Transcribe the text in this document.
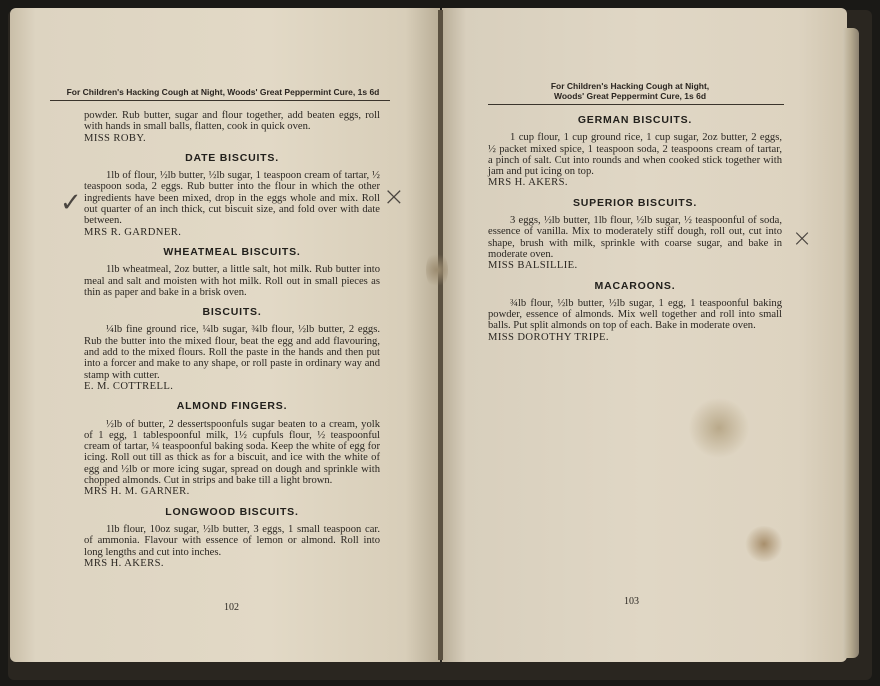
For Children's Hacking Cough at Night, Woods' Great Peppermint Cure, 1s 6d

powder. Rub butter, sugar and flour together, add beaten eggs, roll with hands in small balls, flatten, cook in quick oven.

MISS ROBY.

DATE BISCUITS.

1lb of flour, ½lb butter, ½lb sugar, 1 teaspoon cream of tartar, ½ teaspoon soda, 2 eggs. Rub butter into the flour in which the other ingredients have been mixed, drop in the eggs whole and mix. Roll out quarter of an inch thick, cut biscuit size, and fold over with date between.

MRS R. GARDNER.

WHEATMEAL BISCUITS.

1lb wheatmeal, 2oz butter, a little salt, hot milk. Rub butter into meal and salt and moisten with hot milk. Roll out in small pieces as thin as paper and bake in a brisk oven.

BISCUITS.

¼lb fine ground rice, ¼lb sugar, ¾lb flour, ½lb butter, 2 eggs. Rub the butter into the mixed flour, beat the egg and add flavouring, and add to the mixed flours. Roll the paste in the hands and then put into a forcer and make to any shape, or roll paste in ordinary way and stamp with cutter.

E. M. COTTRELL.

ALMOND FINGERS.

½lb of butter, 2 dessertspoonfuls sugar beaten to a cream, yolk of 1 egg, 1 tablespoonful milk, 1½ cupfuls flour, ½ teaspoonful cream of tartar, ¼ teaspoonful baking soda. Keep the white of egg for icing. Roll out till as thick as for a biscuit, and ice with the white of egg and ½lb or more icing sugar, spread on dough and sprinkle with chopped almonds. Cut in strips and bake till a light brown.

MRS H. M. GARNER.

LONGWOOD BISCUITS.

1lb flour, 10oz sugar, ½lb butter, 3 eggs, 1 small teaspoon car. of ammonia. Flavour with essence of lemon or almond. Roll into long lengths and cut into inches.

MRS H. AKERS.

102
✓	×
×
For Children's Hacking Cough at Night,
Woods' Great Peppermint Cure, 1s 6d
GERMAN BISCUITS.

1 cup flour, 1 cup ground rice, 1 cup sugar, 2oz butter, 2 eggs, ½ packet mixed spice, 1 teaspoon soda, 2 teaspoons cream of tartar, a pinch of salt. Cut into rounds and when cooked stick together with jam and put icing on top.

MRS H. AKERS.

SUPERIOR BISCUITS.

3 eggs, ½lb butter, 1lb flour, ½lb sugar, ½ teaspoonful of soda, essence of vanilla. Mix to moderately stiff dough, roll out, cut into shape, brush with milk, sprinkle with coarse sugar, and bake in moderate oven.

MISS BALSILLIE.

MACAROONS.

¾lb flour, ½lb butter, ½lb sugar, 1 egg, 1 teaspoonful baking powder, essence of almonds. Mix well together and roll into small balls. Put split almonds on top of each. Bake in moderate oven.

MISS DOROTHY TRIPE.

103
